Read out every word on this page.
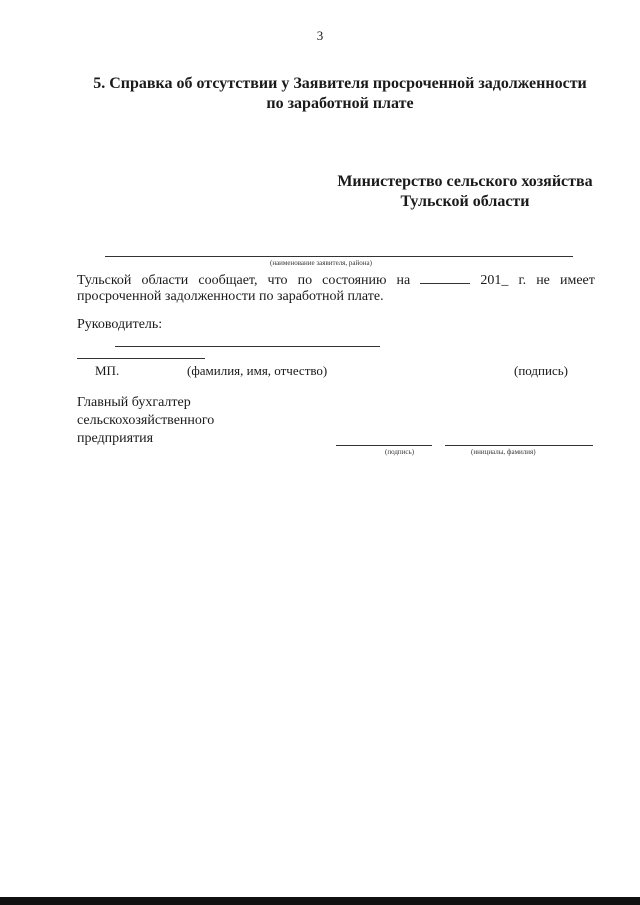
3
5. Справка об отсутствии у Заявителя просроченной задолженности
по заработной плате
Министерство сельского хозяйства
Тульской области
(наименование заявителя, района)
Тульской области сообщает, что по состоянию на	201_ г. не имеет
просроченной задолженности по заработной плате.
Руководитель:
МП.	(фамилия, имя, отчество)	(подпись)
Главный бухгалтер
сельскохозяйственного
предприятия
(подпись)	(инициалы, фамилия)
